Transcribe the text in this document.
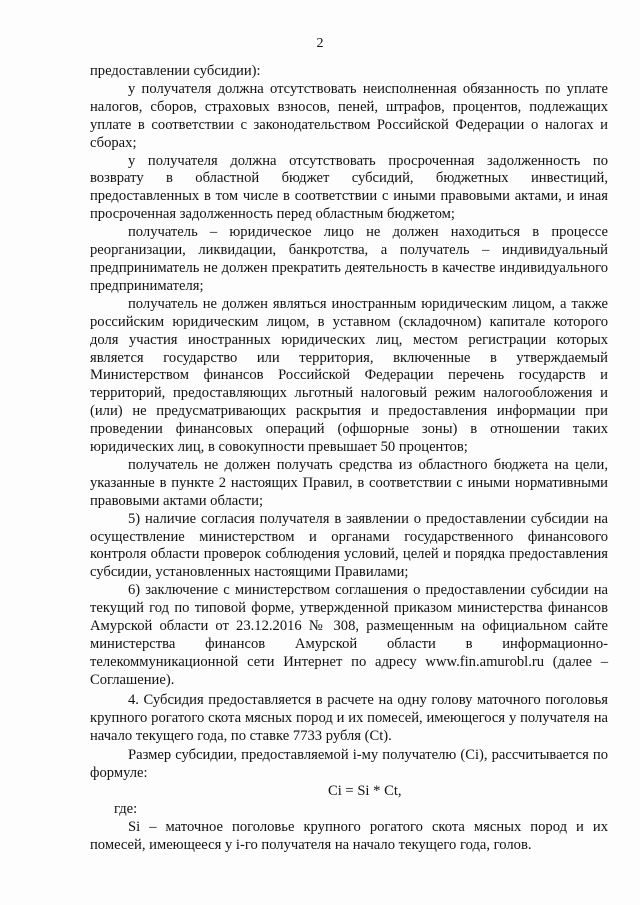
2

предоставлении субсидии):

у получателя должна отсутствовать неисполненная обязанность по уплате налогов, сборов, страховых взносов, пеней, штрафов, процентов, подлежащих уплате в соответствии с законодательством Российской Федерации о налогах и сборах;

у получателя должна отсутствовать просроченная задолженность по возврату в областной бюджет субсидий, бюджетных инвестиций, предоставленных в том числе в соответствии с иными правовыми актами, и иная просроченная задолженность перед областным бюджетом;

получатель – юридическое лицо не должен находиться в процессе реорганизации, ликвидации, банкротства, а получатель – индивидуальный предприниматель не должен прекратить деятельность в качестве индивидуального предпринимателя;

получатель не должен являться иностранным юридическим лицом, а также российским юридическим лицом, в уставном (складочном) капитале которого доля участия иностранных юридических лиц, местом регистрации которых является государство или территория, включенные в утверждаемый Министерством финансов Российской Федерации перечень государств и территорий, предоставляющих льготный налоговый режим налогообложения и (или) не предусматривающих раскрытия и предоставления информации при проведении финансовых операций (офшорные зоны) в отношении таких юридических лиц, в совокупности превышает 50 процентов;

получатель не должен получать средства из областного бюджета на цели, указанные в пункте 2 настоящих Правил, в соответствии с иными нормативными правовыми актами области;

5) наличие согласия получателя в заявлении о предоставлении субсидии на осуществление министерством и органами государственного финансового контроля области проверок соблюдения условий, целей и порядка предоставления субсидии, установленных настоящими Правилами;

6) заключение с министерством соглашения о предоставлении субсидии на текущий год по типовой форме, утвержденной приказом министерства финансов Амурской области от 23.12.2016 № 308, размещенным на официальном сайте министерства финансов Амурской области в информационно-телекоммуникационной сети Интернет по адресу www.fin.amurobl.ru (далее – Соглашение).

4. Субсидия предоставляется в расчете на одну голову маточного поголовья крупного рогатого скота мясных пород и их помесей, имеющегося у получателя на начало текущего года, по ставке 7733 рубля (Ct).

Размер субсидии, предоставляемой i-му получателю (Ci), рассчитывается по формуле:

Ci = Si * Ct,

где:

Si – маточное поголовье крупного рогатого скота мясных пород и их помесей, имеющееся у i-го получателя на начало текущего года, голов.
